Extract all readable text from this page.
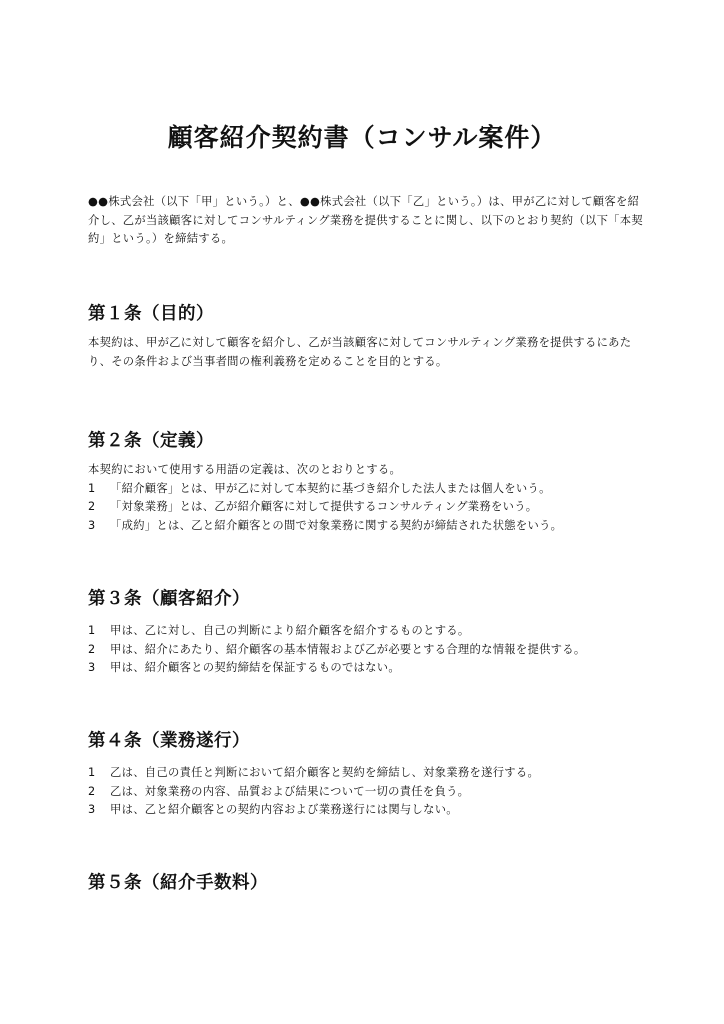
顧客紹介契約書（コンサル案件）
●●株式会社（以下「甲」という。）と、●●株式会社（以下「乙」という。）は、甲が乙に対して顧客を紹介し、乙が当該顧客に対してコンサルティング業務を提供することに関し、以下のとおり契約（以下「本契約」という。）を締結する。
第１条（目的）
本契約は、甲が乙に対して顧客を紹介し、乙が当該顧客に対してコンサルティング業務を提供するにあたり、その条件および当事者間の権利義務を定めることを目的とする。
第２条（定義）
本契約において使用する用語の定義は、次のとおりとする。
1 「紹介顧客」とは、甲が乙に対して本契約に基づき紹介した法人または個人をいう。
2 「対象業務」とは、乙が紹介顧客に対して提供するコンサルティング業務をいう。
3 「成約」とは、乙と紹介顧客との間で対象業務に関する契約が締結された状態をいう。
第３条（顧客紹介）
1 甲は、乙に対し、自己の判断により紹介顧客を紹介するものとする。
2 甲は、紹介にあたり、紹介顧客の基本情報および乙が必要とする合理的な情報を提供する。
3 甲は、紹介顧客との契約締結を保証するものではない。
第４条（業務遂行）
1 乙は、自己の責任と判断において紹介顧客と契約を締結し、対象業務を遂行する。
2 乙は、対象業務の内容、品質および結果について一切の責任を負う。
3 甲は、乙と紹介顧客との契約内容および業務遂行には関与しない。
第５条（紹介手数料）
